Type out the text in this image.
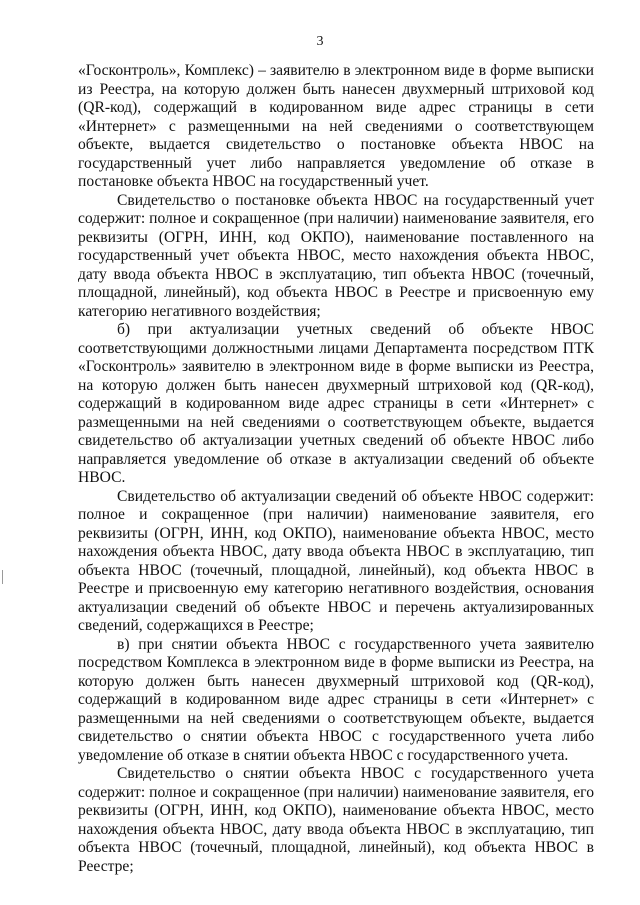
3

«Госконтроль», Комплекс) – заявителю в электронном виде в форме выписки из Реестра, на которую должен быть нанесен двухмерный штриховой код (QR-код), содержащий в кодированном виде адрес страницы в сети «Интернет» с размещенными на ней сведениями о соответствующем объекте, выдается свидетельство о постановке объекта НВОС на государственный учет либо направляется уведомление об отказе в постановке объекта НВОС на государственный учет.

Свидетельство о постановке объекта НВОС на государственный учет содержит: полное и сокращенное (при наличии) наименование заявителя, его реквизиты (ОГРН, ИНН, код ОКПО), наименование поставленного на государственный учет объекта НВОС, место нахождения объекта НВОС, дату ввода объекта НВОС в эксплуатацию, тип объекта НВОС (точечный, площадной, линейный), код объекта НВОС в Реестре и присвоенную ему категорию негативного воздействия;

б) при актуализации учетных сведений об объекте НВОС соответствующими должностными лицами Департамента посредством ПТК «Госконтроль» заявителю в электронном виде в форме выписки из Реестра, на которую должен быть нанесен двухмерный штриховой код (QR-код), содержащий в кодированном виде адрес страницы в сети «Интернет» с размещенными на ней сведениями о соответствующем объекте, выдается свидетельство об актуализации учетных сведений об объекте НВОС либо направляется уведомление об отказе в актуализации сведений об объекте НВОС.

Свидетельство об актуализации сведений об объекте НВОС содержит: полное и сокращенное (при наличии) наименование заявителя, его реквизиты (ОГРН, ИНН, код ОКПО), наименование объекта НВОС, место нахождения объекта НВОС, дату ввода объекта НВОС в эксплуатацию, тип объекта НВОС (точечный, площадной, линейный), код объекта НВОС в Реестре и присвоенную ему категорию негативного воздействия, основания актуализации сведений об объекте НВОС и перечень актуализированных сведений, содержащихся в Реестре;

в) при снятии объекта НВОС с государственного учета заявителю посредством Комплекса в электронном виде в форме выписки из Реестра, на которую должен быть нанесен двухмерный штриховой код (QR-код), содержащий в кодированном виде адрес страницы в сети «Интернет» с размещенными на ней сведениями о соответствующем объекте, выдается свидетельство о снятии объекта НВОС с государственного учета либо уведомление об отказе в снятии объекта НВОС с государственного учета.

Свидетельство о снятии объекта НВОС с государственного учета содержит: полное и сокращенное (при наличии) наименование заявителя, его реквизиты (ОГРН, ИНН, код ОКПО), наименование объекта НВОС, место нахождения объекта НВОС, дату ввода объекта НВОС в эксплуатацию, тип объекта НВОС (точечный, площадной, линейный), код объекта НВОС в Реестре;
